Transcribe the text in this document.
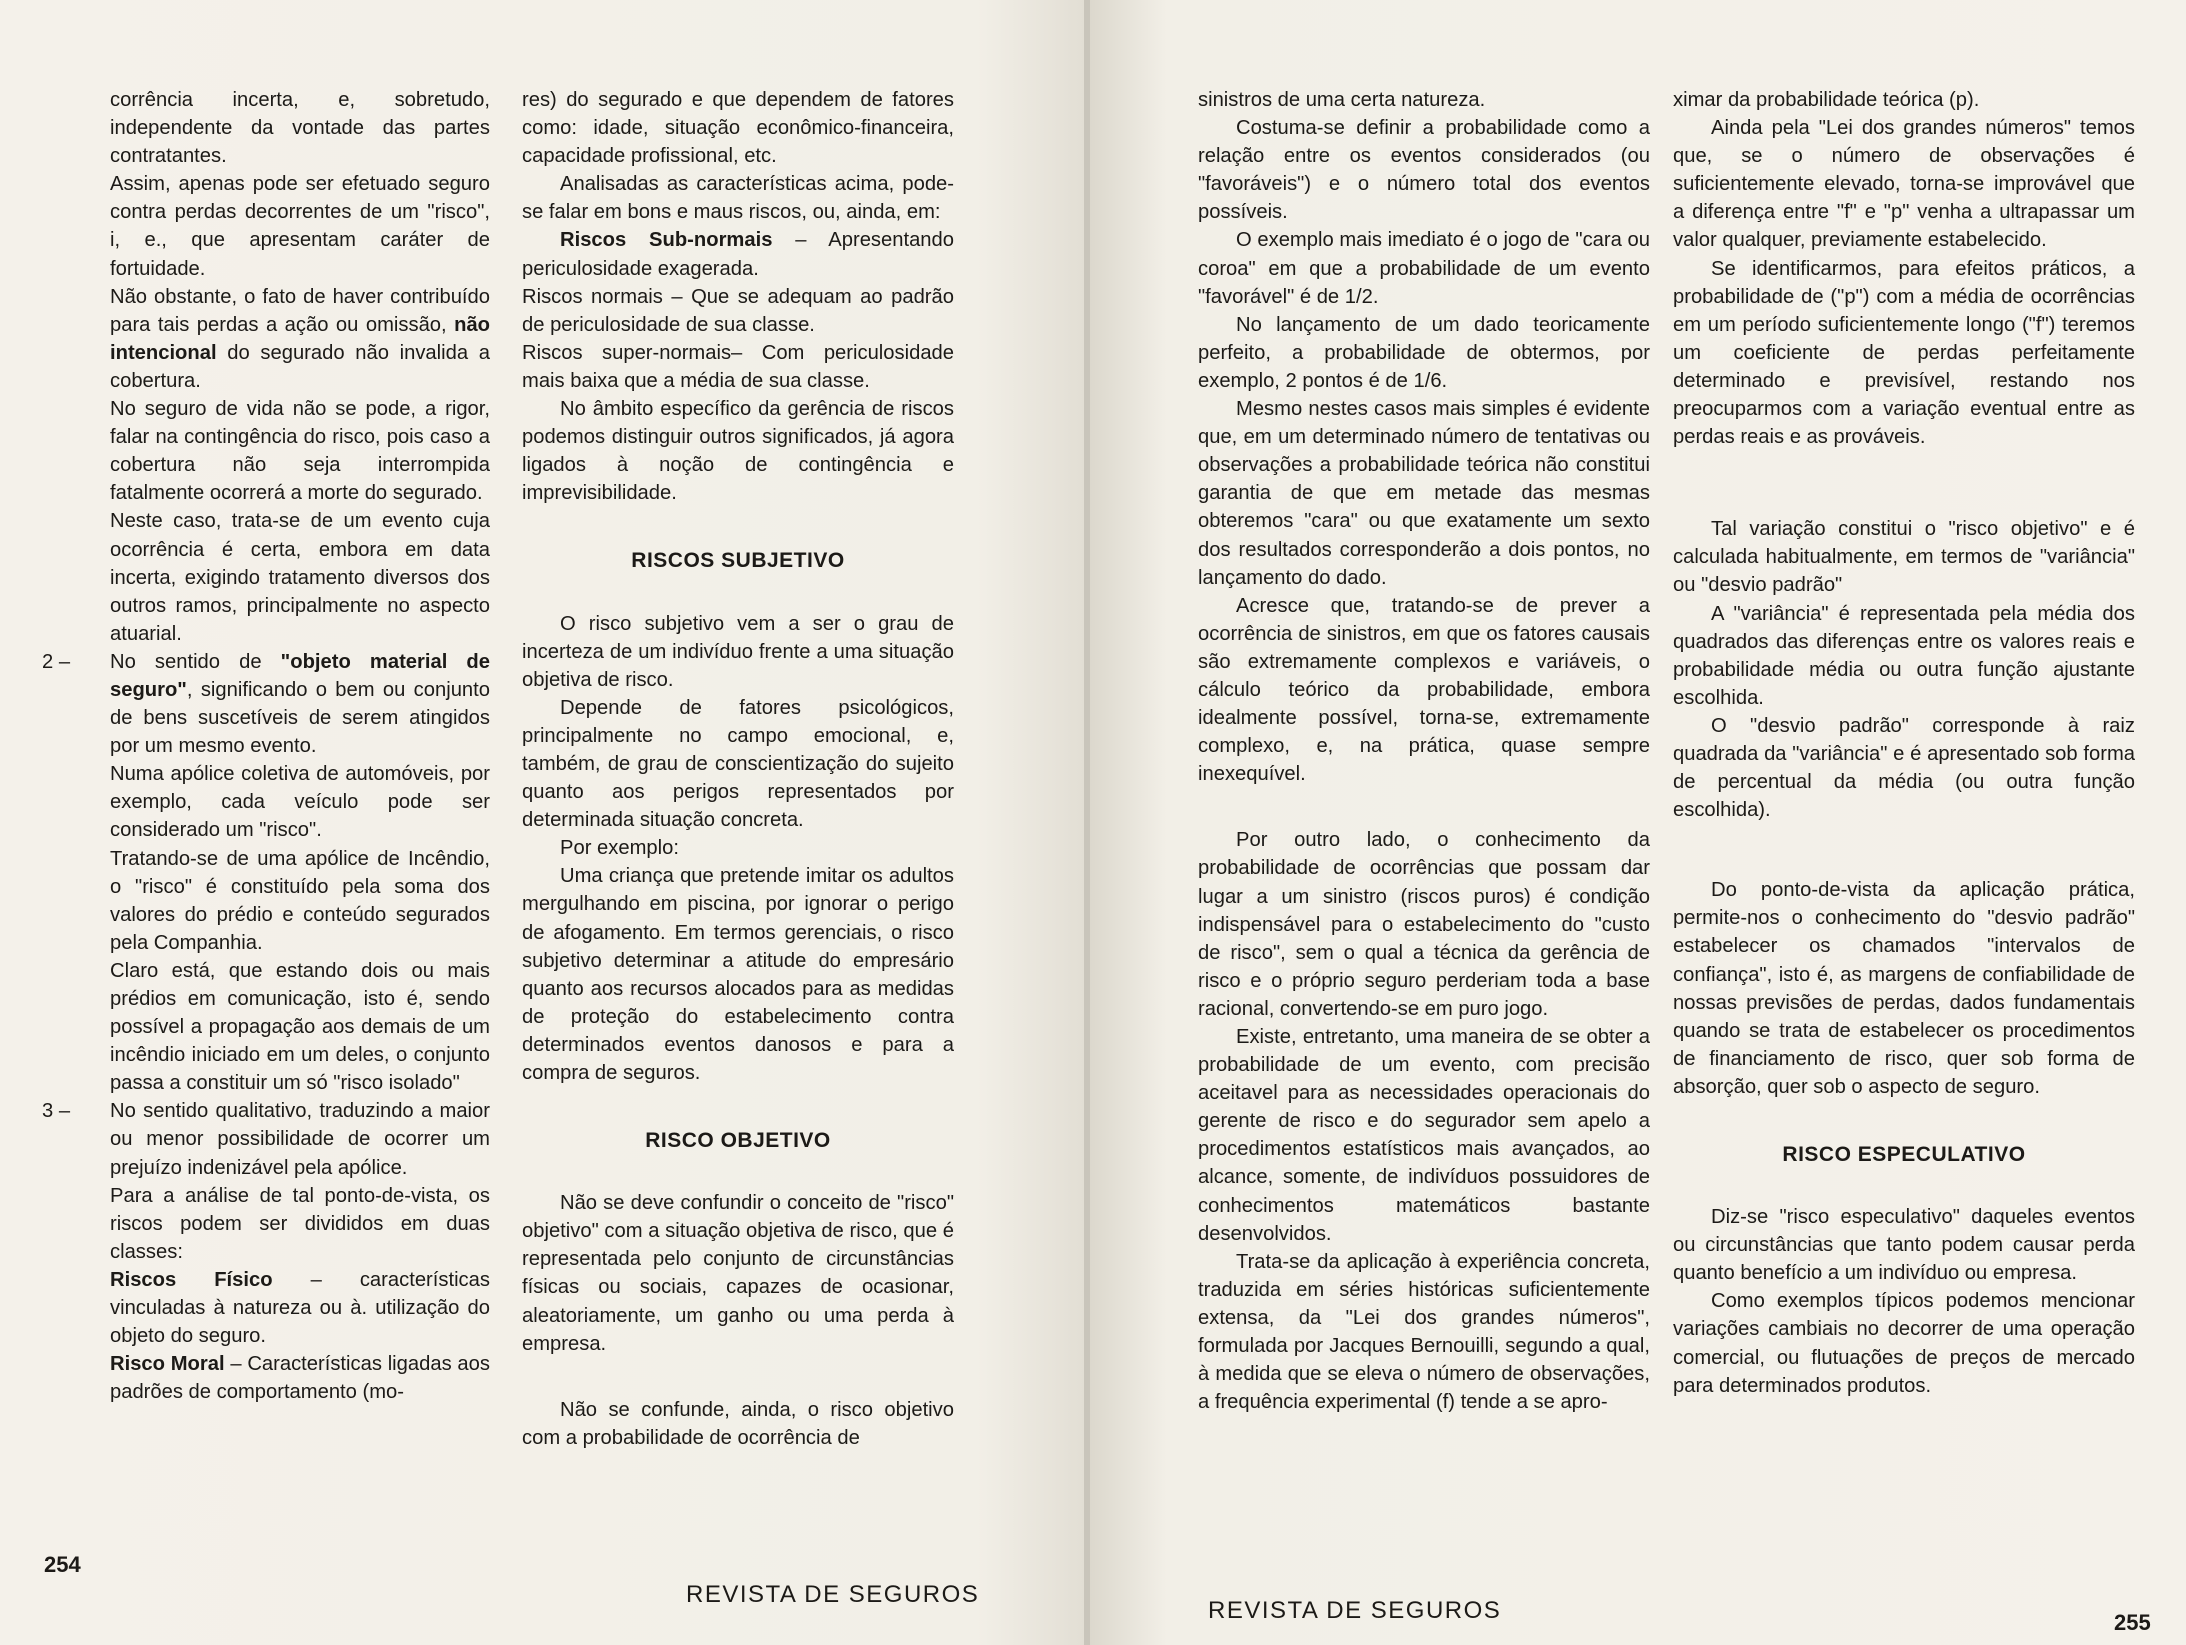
corrência incerta, e, sobretudo, independente da vontade das partes contratantes.

Assim, apenas pode ser efetuado seguro contra perdas decorrentes de um "risco", i, e., que apresentam caráter de fortuidade.

Não obstante, o fato de haver contribuído para tais perdas a ação ou omissão, não intencional do segurado não invalida a cobertura.

No seguro de vida não se pode, a rigor, falar na contingência do risco, pois caso a cobertura não seja interrompida fatalmente ocorrerá a morte do segurado.

Neste caso, trata-se de um evento cuja ocorrência é certa, embora em data incerta, exigindo tratamento diversos dos outros ramos, principalmente no aspecto atuarial.

2 – No sentido de "objeto material de seguro", significando o bem ou conjunto de bens suscetíveis de serem atingidos por um mesmo evento.

Numa apólice coletiva de automóveis, por exemplo, cada veículo pode ser considerado um "risco".

Tratando-se de uma apólice de Incêndio, o "risco" é constituído pela soma dos valores do prédio e conteúdo segurados pela Companhia.

Claro está, que estando dois ou mais prédios em comunicação, isto é, sendo possível a propagação aos demais de um incêndio iniciado em um deles, o conjunto passa a constituir um só "risco isolado"

3 – No sentido qualitativo, traduzindo a maior ou menor possibilidade de ocorrer um prejuízo indenizável pela apólice.

Para a análise de tal ponto-de-vista, os riscos podem ser divididos em duas classes:

Riscos Físico – características vinculadas à natureza ou à. utilização do objeto do seguro.

Risco Moral – Características ligadas aos padrões de comportamento (mo-

res) do segurado e que dependem de fatores como: idade, situação econômico-financeira, capacidade profissional, etc.

Analisadas as características acima, pode-se falar em bons e maus riscos, ou, ainda, em:

Riscos Sub-normais – Apresentando periculosidade exagerada.

Riscos normais – Que se adequam ao padrão de periculosidade de sua classe.

Riscos super-normais– Com periculosidade mais baixa que a média de sua classe.

No âmbito específico da gerência de riscos podemos distinguir outros significados, já agora ligados à noção de contingência e imprevisibilidade.

RISCOS SUBJETIVO

O risco subjetivo vem a ser o grau de incerteza de um indivíduo frente a uma situação objetiva de risco.

Depende de fatores psicológicos, principalmente no campo emocional, e, também, de grau de conscientização do sujeito quanto aos perigos representados por determinada situação concreta.

Por exemplo:

Uma criança que pretende imitar os adultos mergulhando em piscina, por ignorar o perigo de afogamento. Em termos gerenciais, o risco subjetivo determinar a atitude do empresário quanto aos recursos alocados para as medidas de proteção do estabelecimento contra determinados eventos danosos e para a compra de seguros.

RISCO OBJETIVO

Não se deve confundir o conceito de "risco" objetivo" com a situação objetiva de risco, que é representada pelo conjunto de circunstâncias físicas ou sociais, capazes de ocasionar, aleatoriamente, um ganho ou uma perda à empresa.

Não se confunde, ainda, o risco objetivo com a probabilidade de ocorrência de

254
REVISTA DE SEGUROS

sinistros de uma certa natureza.

Costuma-se definir a probabilidade como a relação entre os eventos considerados (ou "favoráveis") e o número total dos eventos possíveis.

O exemplo mais imediato é o jogo de "cara ou coroa" em que a probabilidade de um evento "favorável" é de 1/2.

No lançamento de um dado teoricamente perfeito, a probabilidade de obtermos, por exemplo, 2 pontos é de 1/6.

Mesmo nestes casos mais simples é evidente que, em um determinado número de tentativas ou observações a probabilidade teórica não constitui garantia de que em metade das mesmas obteremos "cara" ou que exatamente um sexto dos resultados corresponderão a dois pontos, no lançamento do dado.

Acresce que, tratando-se de prever a ocorrência de sinistros, em que os fatores causais são extremamente complexos e variáveis, o cálculo teórico da probabilidade, embora idealmente possível, torna-se, extremamente complexo, e, na prática, quase sempre inexequível.

Por outro lado, o conhecimento da probabilidade de ocorrências que possam dar lugar a um sinistro (riscos puros) é condição indispensável para o estabelecimento do "custo de risco", sem o qual a técnica da gerência de risco e o próprio seguro perderiam toda a base racional, convertendo-se em puro jogo.

Existe, entretanto, uma maneira de se obter a probabilidade de um evento, com precisão aceitavel para as necessidades operacionais do gerente de risco e do segurador sem apelo a procedimentos estatísticos mais avançados, ao alcance, somente, de indivíduos possuidores de conhecimentos matemáticos bastante desenvolvidos.

Trata-se da aplicação à experiência concreta, traduzida em séries históricas suficientemente extensa, da "Lei dos grandes números", formulada por Jacques Bernouilli, segundo a qual, à medida que se eleva o número de observações, a frequência experimental (f) tende a se apro-

ximar da probabilidade teórica (p).

Ainda pela "Lei dos grandes números" temos que, se o número de observações é suficientemente elevado, torna-se improvável que a diferença entre "f" e "p" venha a ultrapassar um valor qualquer, previamente estabelecido.

Se identificarmos, para efeitos práticos, a probabilidade de ("p") com a média de ocorrências em um período suficientemente longo ("f") teremos um coeficiente de perdas perfeitamente determinado e previsível, restando nos preocuparmos com a variação eventual entre as perdas reais e as prováveis.

Tal variação constitui o "risco objetivo" e é calculada habitualmente, em termos de "variância" ou "desvio padrão"

A "variância" é representada pela média dos quadrados das diferenças entre os valores reais e probabilidade média ou outra função ajustante escolhida.

O "desvio padrão" corresponde à raiz quadrada da "variância" e é apresentado sob forma de percentual da média (ou outra função escolhida).

Do ponto-de-vista da aplicação prática, permite-nos o conhecimento do "desvio padrão" estabelecer os chamados "intervalos de confiança", isto é, as margens de confiabilidade de nossas previsões de perdas, dados fundamentais quando se trata de estabelecer os procedimentos de financiamento de risco, quer sob forma de absorção, quer sob o aspecto de seguro.

RISCO ESPECULATIVO

Diz-se "risco especulativo" daqueles eventos ou circunstâncias que tanto podem causar perda quanto benefício a um indivíduo ou empresa.

Como exemplos típicos podemos mencionar variações cambiais no decorrer de uma operação comercial, ou flutuações de preços de mercado para determinados produtos.

REVISTA DE SEGUROS	255
